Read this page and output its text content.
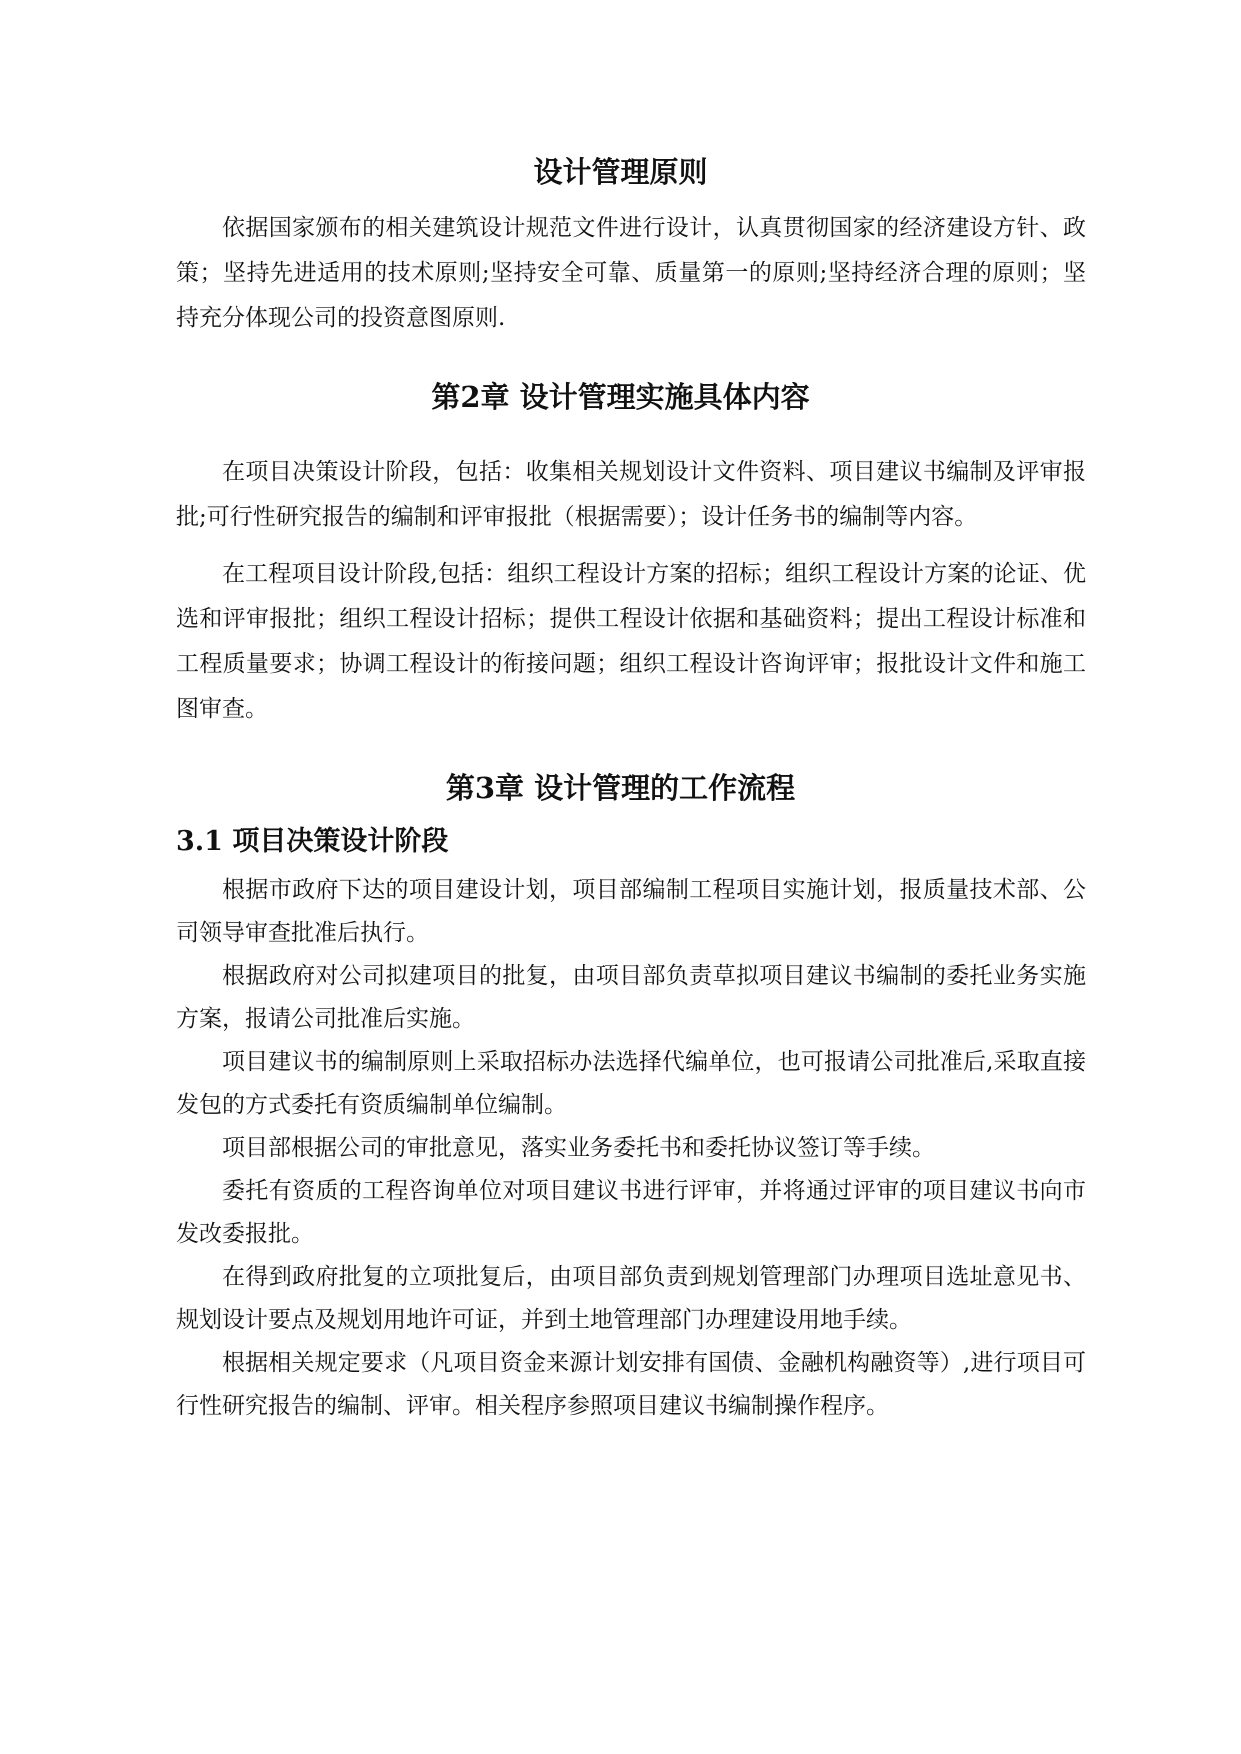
设计管理原则

依据国家颁布的相关建筑设计规范文件进行设计，认真贯彻国家的经济建设方针、政策；坚持先进适用的技术原则;坚持安全可靠、质量第一的原则;坚持经济合理的原则；坚持充分体现公司的投资意图原则.

第2章 设计管理实施具体内容

在项目决策设计阶段，包括：收集相关规划设计文件资料、项目建议书编制及评审报批;可行性研究报告的编制和评审报批（根据需要）；设计任务书的编制等内容。

在工程项目设计阶段,包括：组织工程设计方案的招标；组织工程设计方案的论证、优选和评审报批；组织工程设计招标；提供工程设计依据和基础资料；提出工程设计标准和工程质量要求；协调工程设计的衔接问题；组织工程设计咨询评审；报批设计文件和施工图审查。

第3章 设计管理的工作流程
3.1 项目决策设计阶段

根据市政府下达的项目建设计划，项目部编制工程项目实施计划，报质量技术部、公司领导审查批准后执行。

根据政府对公司拟建项目的批复，由项目部负责草拟项目建议书编制的委托业务实施方案，报请公司批准后实施。

项目建议书的编制原则上采取招标办法选择代编单位，也可报请公司批准后,采取直接发包的方式委托有资质编制单位编制。

项目部根据公司的审批意见，落实业务委托书和委托协议签订等手续。

委托有资质的工程咨询单位对项目建议书进行评审，并将通过评审的项目建议书向市发改委报批。

在得到政府批复的立项批复后，由项目部负责到规划管理部门办理项目选址意见书、规划设计要点及规划用地许可证，并到土地管理部门办理建设用地手续。

根据相关规定要求（凡项目资金来源计划安排有国债、金融机构融资等）,进行项目可行性研究报告的编制、评审。相关程序参照项目建议书编制操作程序。
